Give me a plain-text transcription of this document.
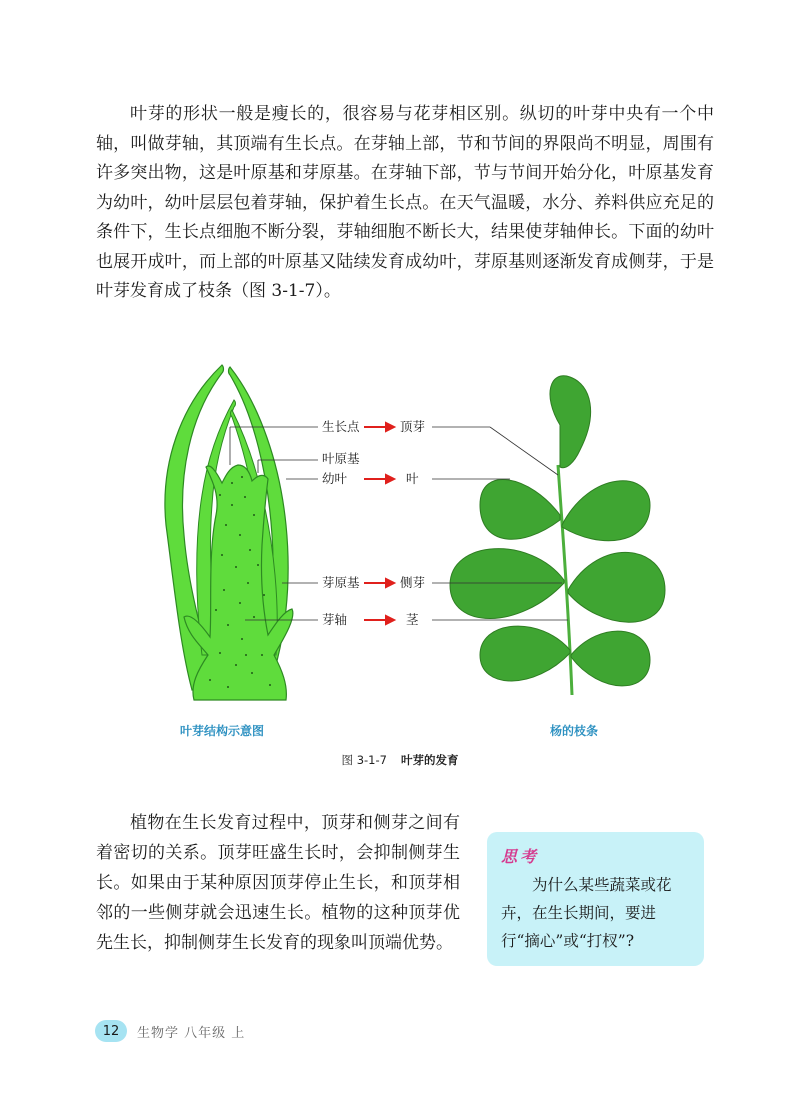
叶芽的形状一般是瘦长的，很容易与花芽相区别。纵切的叶芽中央有一个中轴，叫做芽轴，其顶端有生长点。在芽轴上部，节和节间的界限尚不明显，周围有许多突出物，这是叶原基和芽原基。在芽轴下部，节与节间开始分化，叶原基发育为幼叶，幼叶层层包着芽轴，保护着生长点。在天气温暖，水分、养料供应充足的条件下，生长点细胞不断分裂，芽轴细胞不断长大，结果使芽轴伸长。下面的幼叶也展开成叶，而上部的叶原基又陆续发育成幼叶，芽原基则逐渐发育成侧芽，于是叶芽发育成了枝条（图 3-1-7）。

生长点
叶原基
幼叶
芽原基
芽轴
顶芽
叶
侧芽
茎
叶芽结构示意图	杨的枝条
图 3-1-7 叶芽的发育

植物在生长发育过程中，顶芽和侧芽之间有着密切的关系。顶芽旺盛生长时，会抑制侧芽生长。如果由于某种原因顶芽停止生长，和顶芽相邻的一些侧芽就会迅速生长。植物的这种顶芽优先生长，抑制侧芽生长发育的现象叫顶端优势。

思考
为什么某些蔬菜或花卉，在生长期间，要进行“摘心”或“打杈”?
12	生物学 八年级 上
